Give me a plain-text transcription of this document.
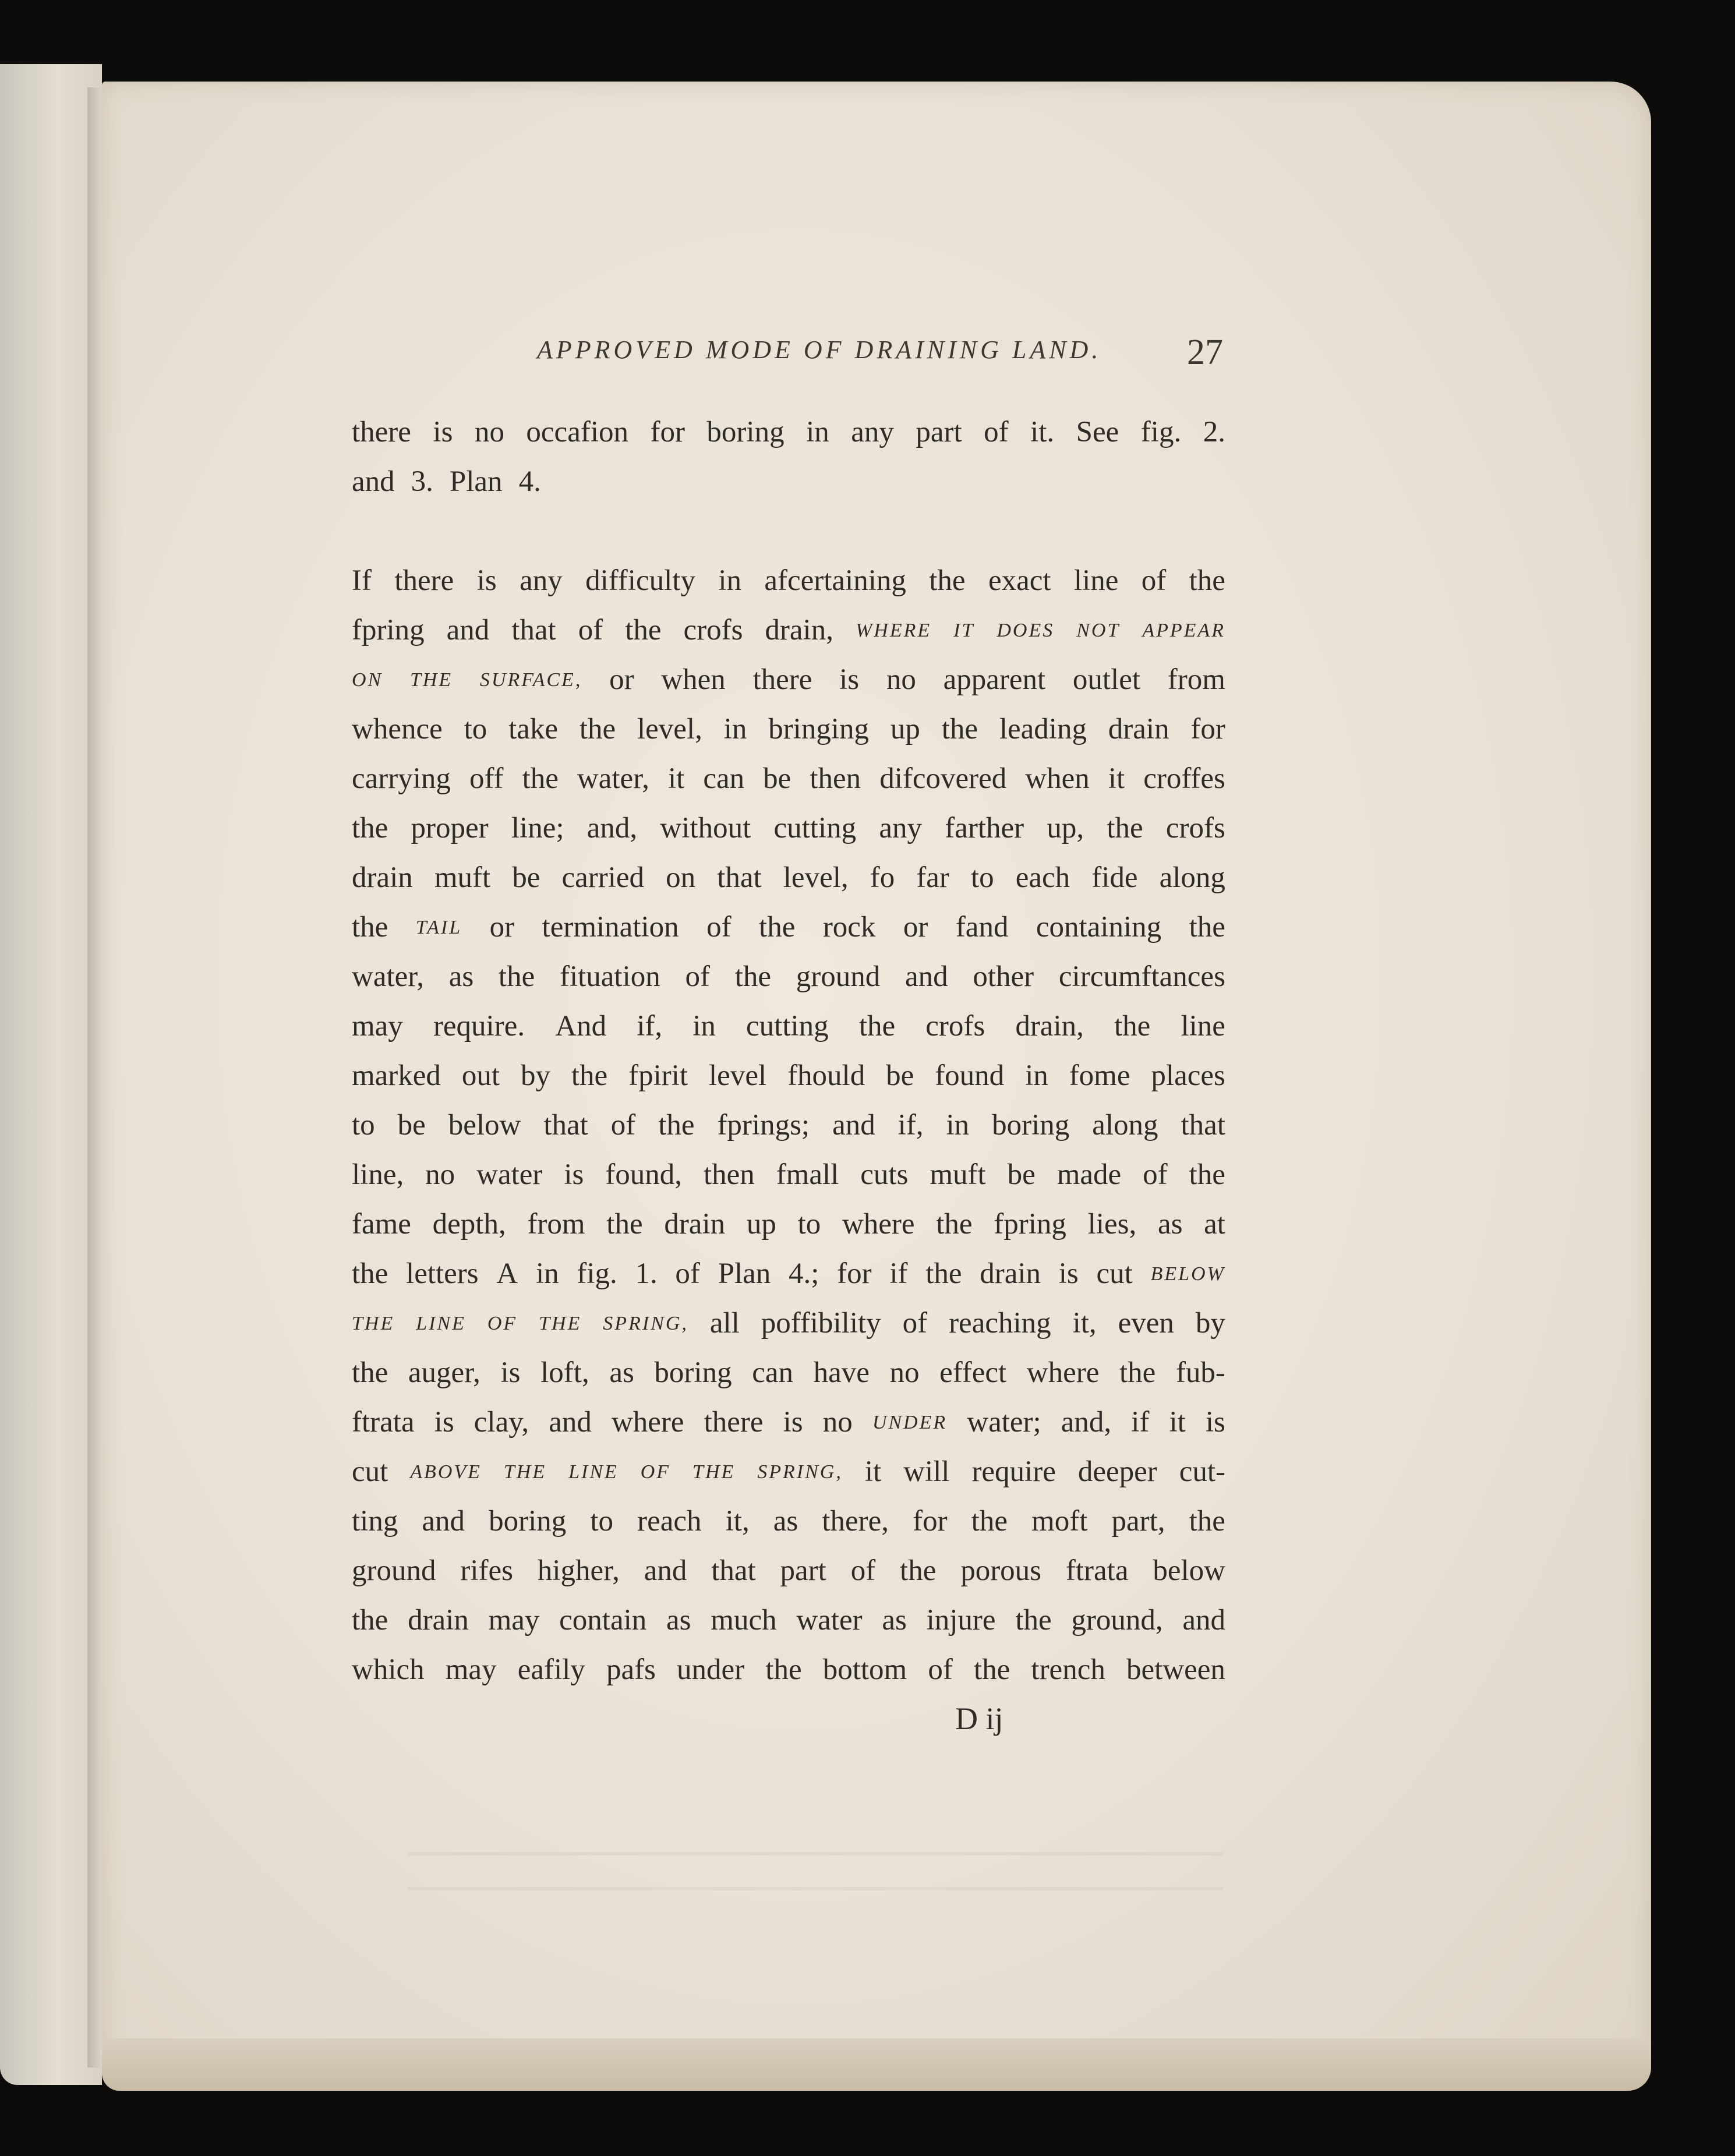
APPROVED MODE OF DRAINING LAND.	27
there is no occafion for boring in any part of it. See fig. 2.
and 3. Plan 4.
If there is any difficulty in afcertaining the exact line of the
fpring and that of the crofs drain, WHERE IT DOES NOT APPEAR
ON THE SURFACE, or when there is no apparent outlet from
whence to take the level, in bringing up the leading drain for
carrying off the water, it can be then difcovered when it croffes
the proper line; and, without cutting any farther up, the crofs
drain muft be carried on that level, fo far to each fide along
the TAIL or termination of the rock or fand containing the
water, as the fituation of the ground and other circumftances
may require. And if, in cutting the crofs drain, the line
marked out by the fpirit level fhould be found in fome places
to be below that of the fprings; and if, in boring along that
line, no water is found, then fmall cuts muft be made of the
fame depth, from the drain up to where the fpring lies, as at
the letters A in fig. 1. of Plan 4.; for if the drain is cut BELOW
THE LINE OF THE SPRING, all poffibility of reaching it, even by
the auger, is loft, as boring can have no effect where the fub-
ftrata is clay, and where there is no UNDER water; and, if it is
cut ABOVE THE LINE OF THE SPRING, it will require deeper cut-
ting and boring to reach it, as there, for the moft part, the
ground rifes higher, and that part of the porous ftrata below
the drain may contain as much water as injure the ground, and
which may eafily pafs under the bottom of the trench between
D ij
